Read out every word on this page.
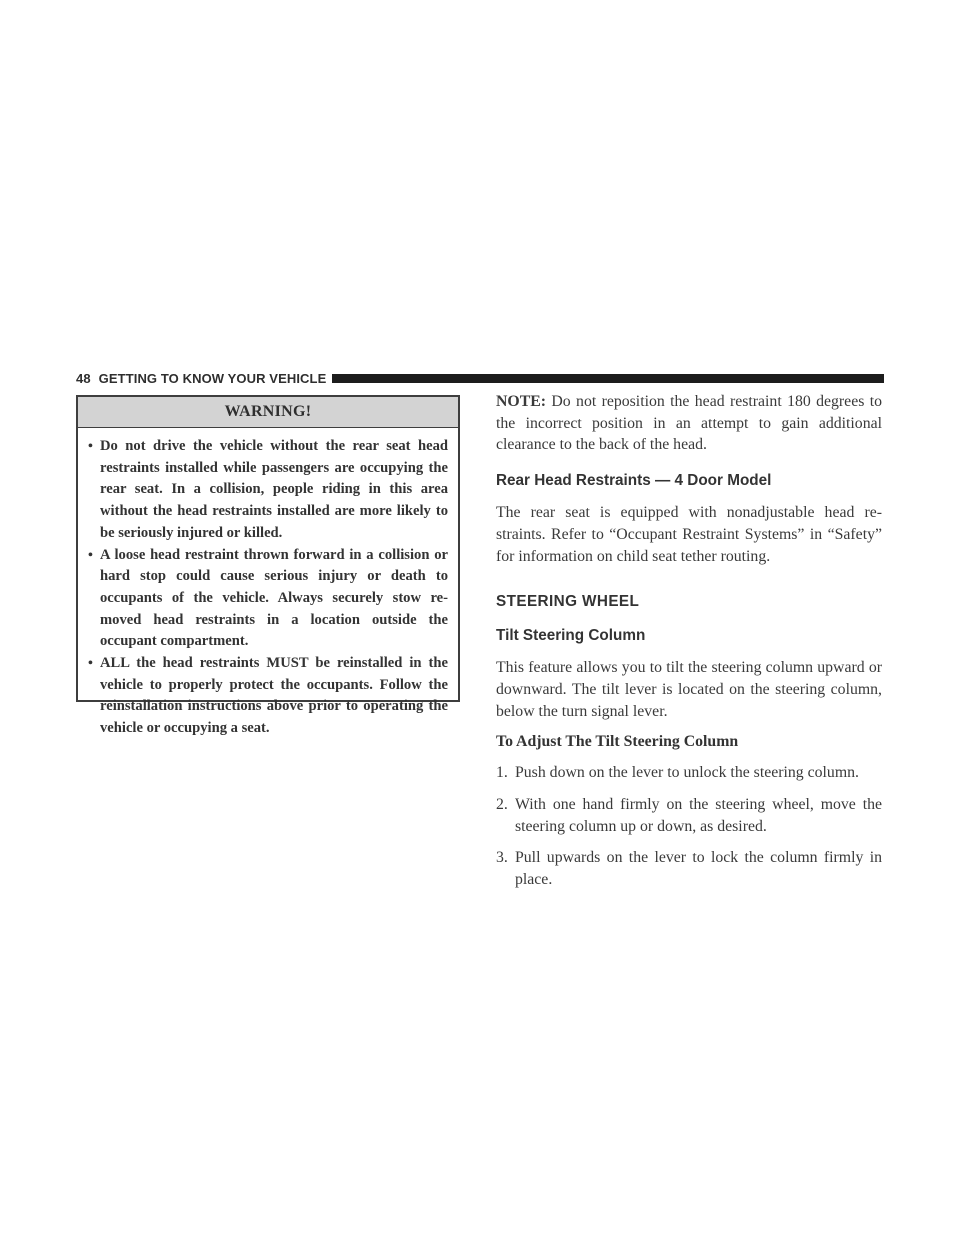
48 GETTING TO KNOW YOUR VEHICLE
WARNING!
• Do not drive the vehicle without the rear seat head restraints installed while passengers are occupying the rear seat. In a collision, people riding in this area without the head restraints installed are more likely to be seriously injured or killed.
• A loose head restraint thrown forward in a collision or hard stop could cause serious injury or death to occupants of the vehicle. Always securely stow re-moved head restraints in a location outside the occupant compartment.
• ALL the head restraints MUST be reinstalled in the vehicle to properly protect the occupants. Follow the reinstallation instructions above prior to operating the vehicle or occupying a seat.

NOTE: Do not reposition the head restraint 180 degrees to the incorrect position in an attempt to gain additional clearance to the back of the head.

Rear Head Restraints — 4 Door Model

The rear seat is equipped with nonadjustable head re-straints. Refer to “Occupant Restraint Systems” in “Safety” for information on child seat tether routing.

STEERING WHEEL

Tilt Steering Column

This feature allows you to tilt the steering column upward or downward. The tilt lever is located on the steering column, below the turn signal lever.

To Adjust The Tilt Steering Column

1. Push down on the lever to unlock the steering column.
2. With one hand firmly on the steering wheel, move the steering column up or down, as desired.
3. Pull upwards on the lever to lock the column firmly in place.
